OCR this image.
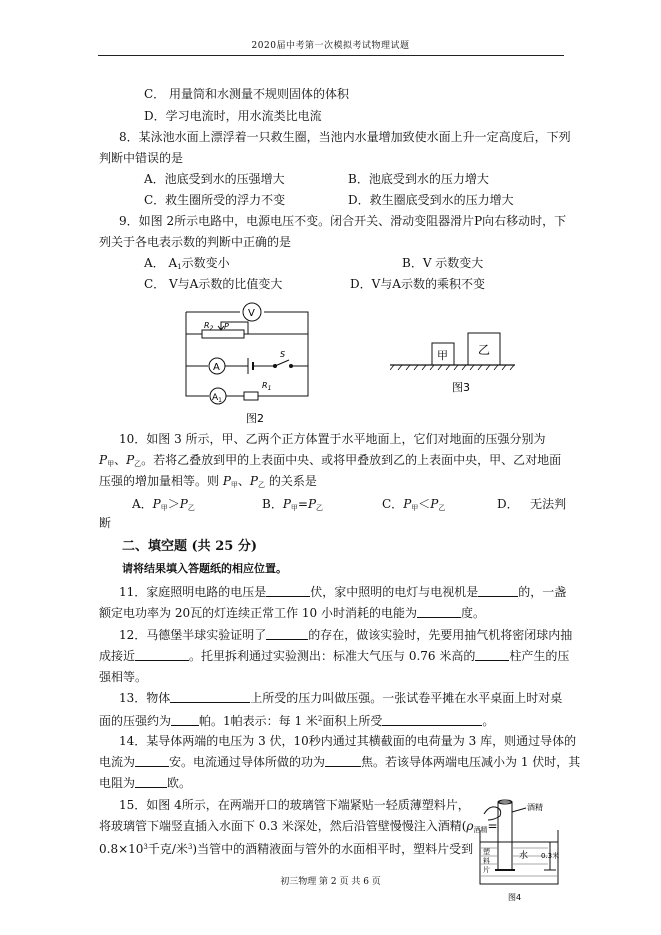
2020届中考第一次模拟考试物理试题
C． 用量筒和水测量不规则固体的体积
D．学习电流时，用水流类比电流
8．某泳池水面上漂浮着一只救生圈，当池内水量增加致使水面上升一定高度后，下列
判断中错误的是
A．池底受到水的压强增大	B．池底受到水的压力增大
C．救生圈所受的浮力不变	D．救生圈底受到水的压力增大
9．如图 2所示电路中，电源电压不变。闭合开关、滑动变阻器滑片P向右移动时，下
列关于各电表示数的判断中正确的是
A． $A_1$示数变小	B．V 示数变大
C． V与A示数的比值变大	D．V与A示数的乘积不变
V
$R_2$ P
A
S
$A_1$
$R_1$
图2
甲	乙
图3
10．如图 3 所示，甲、乙两个正方体置于水平地面上，它们对地面的压强分别为
$P_甲$、$P_乙$。若将乙叠放到甲的上表面中央、或将甲叠放到乙的上表面中央，甲、乙对地面
压强的增加量相等。则 $P_甲$、$P_乙$ 的关系是
A．$P_甲>P_乙$	B．$P_甲=P_乙$	C．$P_甲<P_乙$	D． 无法判
断
二、填空题 (共 25 分)
请将结果填入答题纸的相应位置。
11．家庭照明电路的电压是	伏，家中照明的电灯与电视机是	的，一盏
额定电功率为 20瓦的灯连续正常工作 10 小时消耗的电能为	度。
12．马德堡半球实验证明了	的存在，做该实验时，先要用抽气机将密闭球内抽
成接近	。托里拆利通过实验测出：标准大气压与 0.76 米高的	柱产生的压
强相等。
13．物体	上所受的压力叫做压强。一张试卷平摊在水平桌面上时对桌
面的压强约为 帕。1帕表示：每 1 米$^2$面积上所受	。
14．某导体两端的电压为 3 伏，10秒内通过其横截面的电荷量为 3 库，则通过导体的
电流为	安。电流通过导体所做的功为	焦。若该导体两端电压减小为 1 伏时，其
电阻为	欧。
15．如图 4所示，在两端开口的玻璃管下端紧贴一轻质薄塑料片，
将玻璃管下端竖直插入水面下 0.3 米深处，然后沿管壁慢慢注入酒精($\rho_{酒精}=$
$0.8\times 10^3$千克/米$^3$)当管中的酒精液面与管外的水面相平时，塑料片受到
酒精
水 0.3米
塑
料
片
图4
初三物理 第 2 页 共 6 页
